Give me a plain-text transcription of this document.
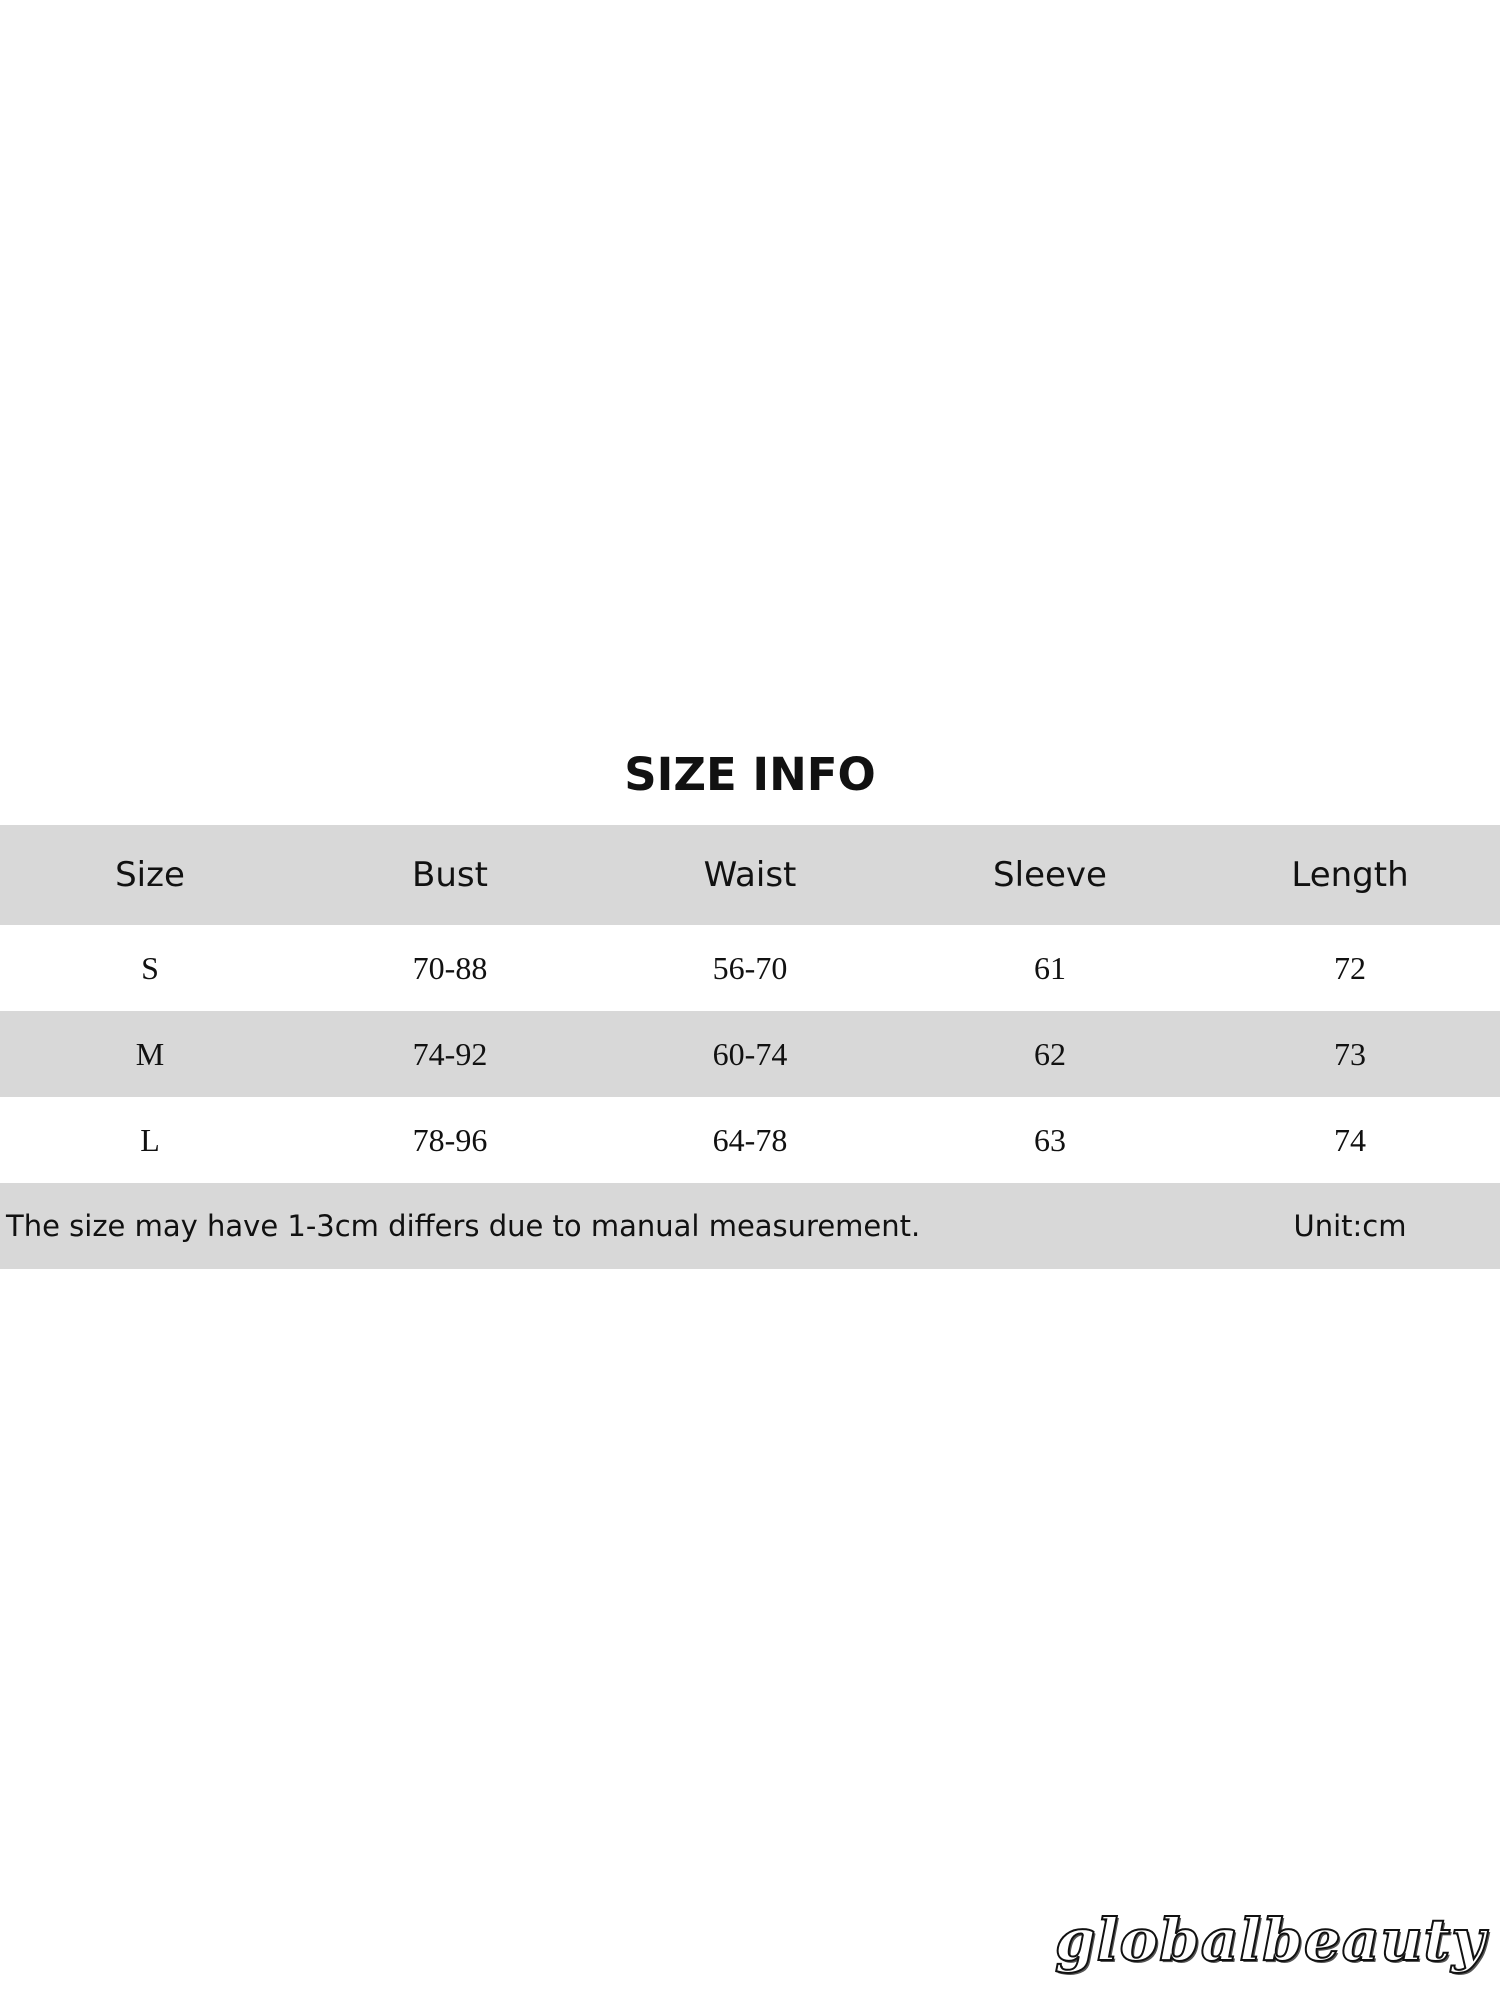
SIZE INFO
Size	Bust	Waist	Sleeve	Length
S	70-88	56-70	61	72
M	74-92	60-74	62	73
L	78-96	64-78	63	74
The size may have 1-3cm differs due to manual measurement.				Unit:cm
globalbeauty
